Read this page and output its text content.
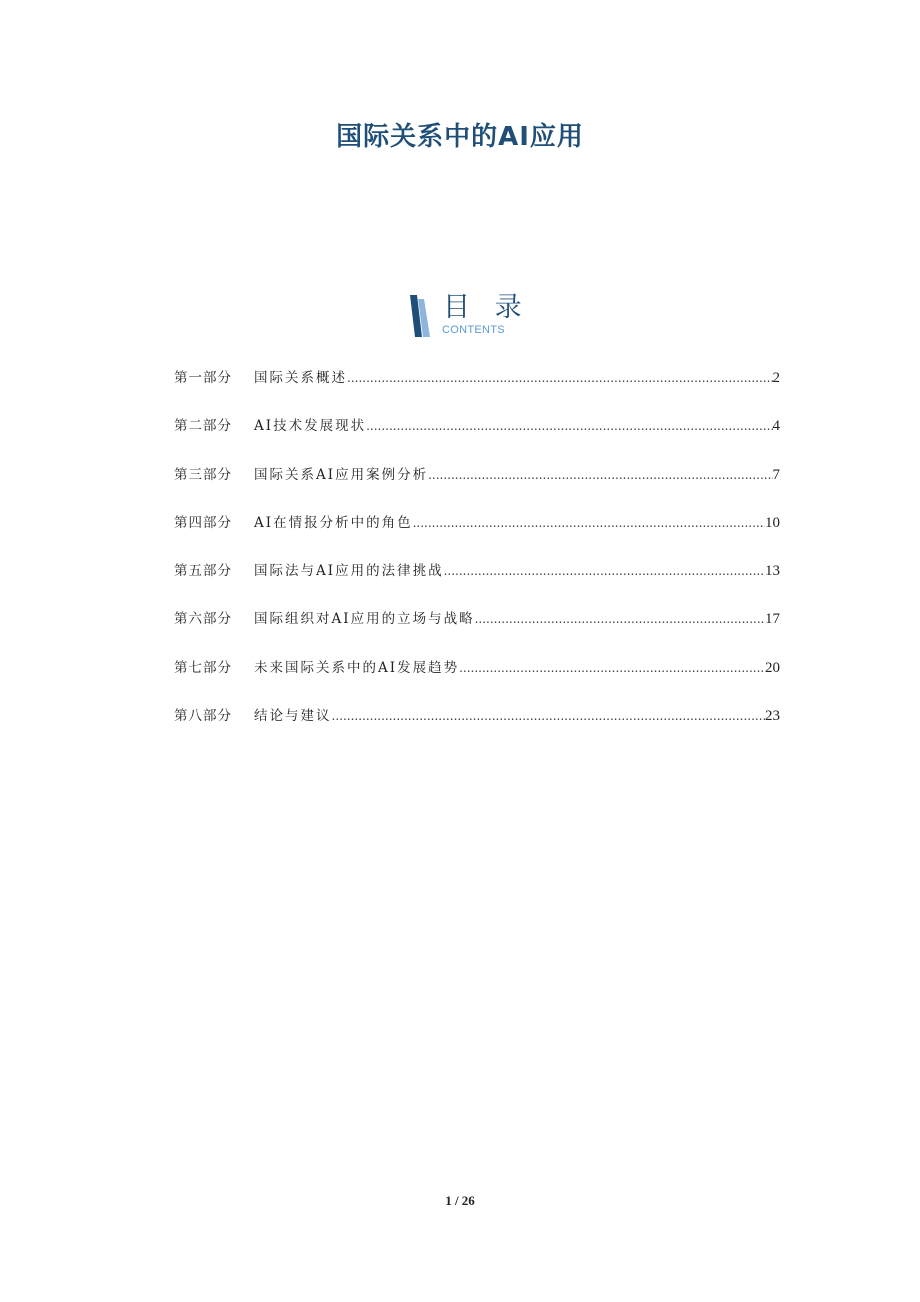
国际关系中的AI应用
目 录
CONTENTS
第一部分	国际关系概述 .....	2
第二部分	AI技术发展现状 .....	4
第三部分	国际关系AI应用案例分析 .....	7
第四部分	AI在情报分析中的角色 .....	10
第五部分	国际法与AI应用的法律挑战 .....	13
第六部分	国际组织对AI应用的立场与战略 .....	17
第七部分	未来国际关系中的AI发展趋势 .....	20
第八部分	结论与建议 .....	23
1 / 26
